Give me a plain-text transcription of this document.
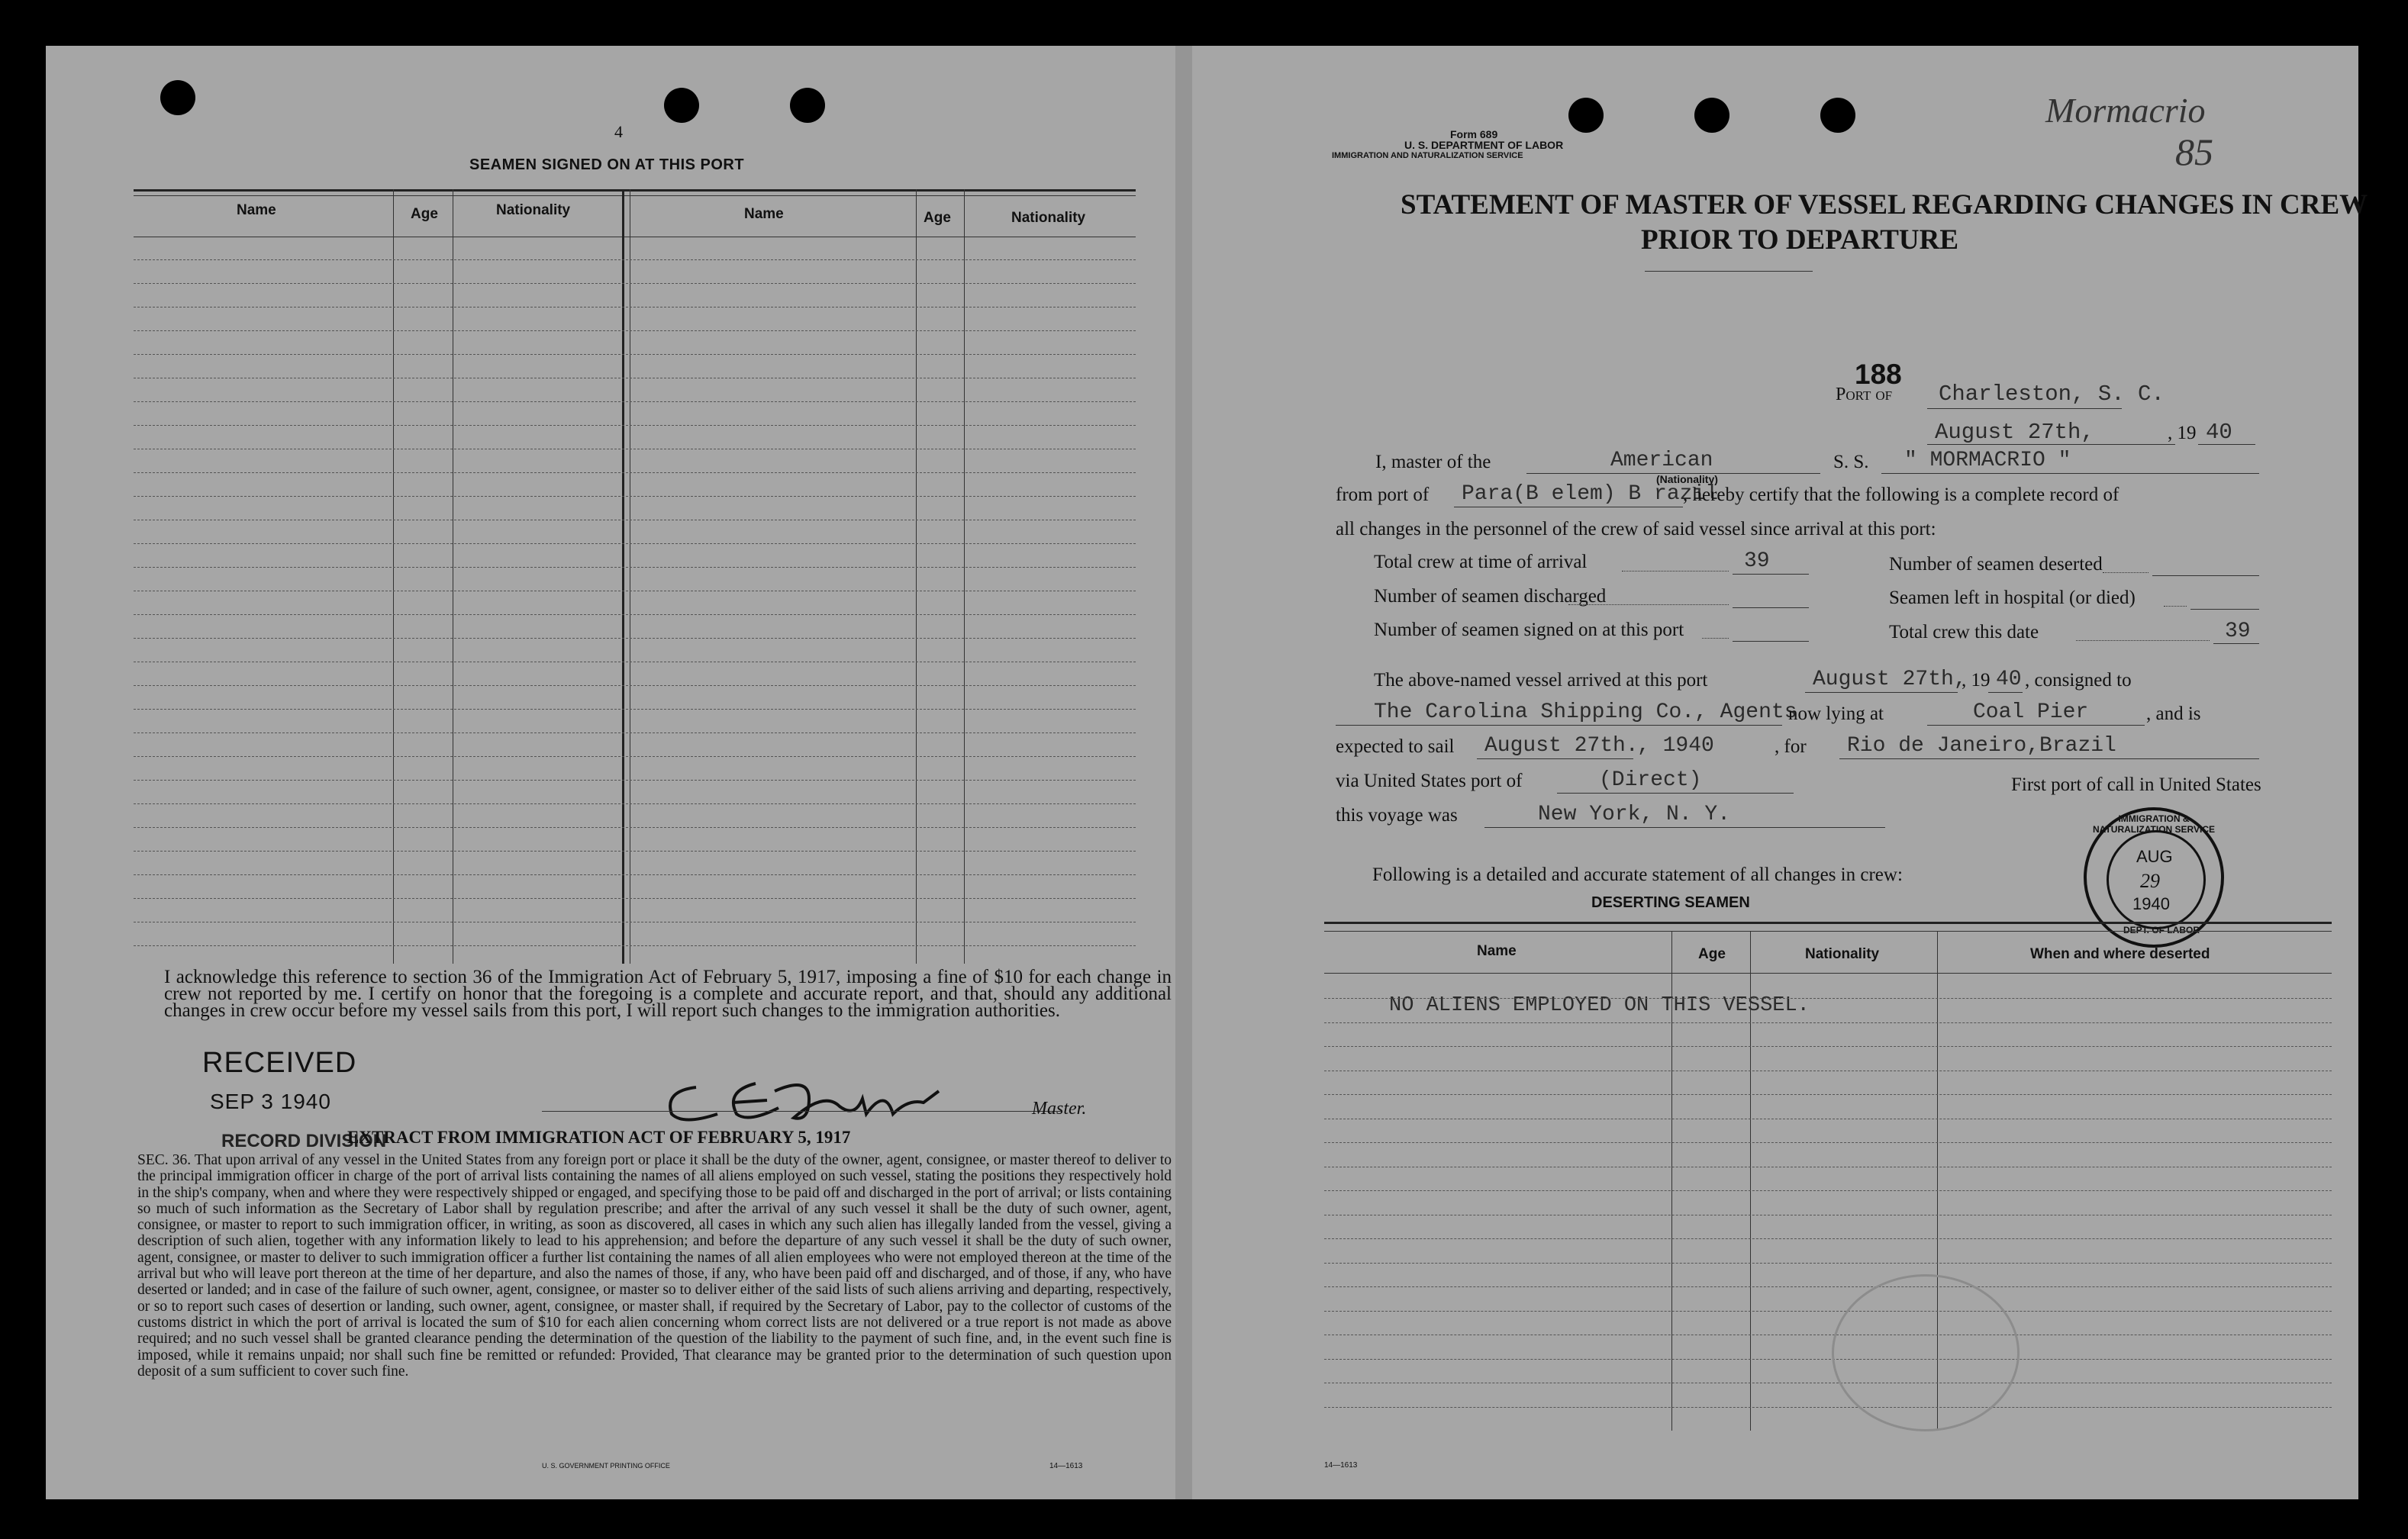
4
SEAMEN SIGNED ON AT THIS PORT
Name	Age	Nationality	Name	Age	Nationality
I acknowledge this reference to section 36 of the Immigration Act of February 5, 1917, imposing a fine of $10 for each change in crew not reported by me. I certify on honor that the foregoing is a complete and accurate report, and that, should any additional changes in crew occur before my vessel sails from this port, I will report such changes to the immigration authorities.
RECEIVED
SEP 3 1940
RECORD DIVISION
Master.
EXTRACT FROM IMMIGRATION ACT OF FEBRUARY 5, 1917
SEC. 36. That upon arrival of any vessel in the United States from any foreign port or place it shall be the duty of the owner, agent, consignee, or master thereof to deliver to the principal immigration officer in charge of the port of arrival lists containing the names of all aliens employed on such vessel, stating the positions they respectively hold in the ship's company, when and where they were respectively shipped or engaged, and specifying those to be paid off and discharged in the port of arrival; or lists containing so much of such information as the Secretary of Labor shall by regulation prescribe; and after the arrival of any such vessel it shall be the duty of such owner, agent, consignee, or master to report to such immigration officer, in writing, as soon as discovered, all cases in which any such alien has illegally landed from the vessel, giving a description of such alien, together with any information likely to lead to his apprehension; and before the departure of any such vessel it shall be the duty of such owner, agent, consignee, or master to deliver to such immigration officer a further list containing the names of all alien employees who were not employed thereon at the time of the arrival but who will leave port thereon at the time of her departure, and also the names of those, if any, who have been paid off and discharged, and of those, if any, who have deserted or landed; and in case of the failure of such owner, agent, consignee, or master so to deliver either of the said lists of such aliens arriving and departing, respectively, or so to report such cases of desertion or landing, such owner, agent, consignee, or master shall, if required by the Secretary of Labor, pay to the collector of customs of the customs district in which the port of arrival is located the sum of $10 for each alien concerning whom correct lists are not delivered or a true report is not made as above required; and no such vessel shall be granted clearance pending the determination of the question of the liability to the payment of such fine, and, in the event such fine is imposed, while it remains unpaid; nor shall such fine be remitted or refunded: Provided, That clearance may be granted prior to the determination of such question upon deposit of a sum sufficient to cover such fine.
U. S. GOVERNMENT PRINTING OFFICE	14—1613
Mormacrio
85
Form 689
U. S. DEPARTMENT OF LABOR
IMMIGRATION AND NATURALIZATION SERVICE
STATEMENT OF MASTER OF VESSEL REGARDING CHANGES IN CREW
PRIOR TO DEPARTURE
188
Port of Charleston, S. C.
August 27th,	, 19 40
I, master of the	American
(Nationality)
S. S. " MORMACRIO "
from port of Para(B elem) B razil
, hereby certify that the following is a complete record of
all changes in the personnel of the crew of said vessel since arrival at this port:
Total crew at time of arrival	39	Number of seamen deserted
Number of seamen discharged	Seamen left in hospital (or died)
Number of seamen signed on at this port	Total crew this date	39
The above-named vessel arrived at this port	August 27th,
, 19 40 , consigned to
The Carolina Shipping Co., Agents
now lying at	Coal Pier	, and is
expected to sail August 27th.
, 1940	, for Rio de Janeiro,Brazil
via United States port of	(Direct)	First port of call in United States
this voyage was	New York, N. Y.
Following is a detailed and accurate statement of all changes in crew:
DESERTING SEAMEN
IMMIGRATION & NATURALIZATION SERVICE
DEPT. OF LABOR
AUG
29
1940
Name	Age	Nationality	When and where deserted
NO ALIENS EMPLOYED ON THIS VESSEL.
14—1613
